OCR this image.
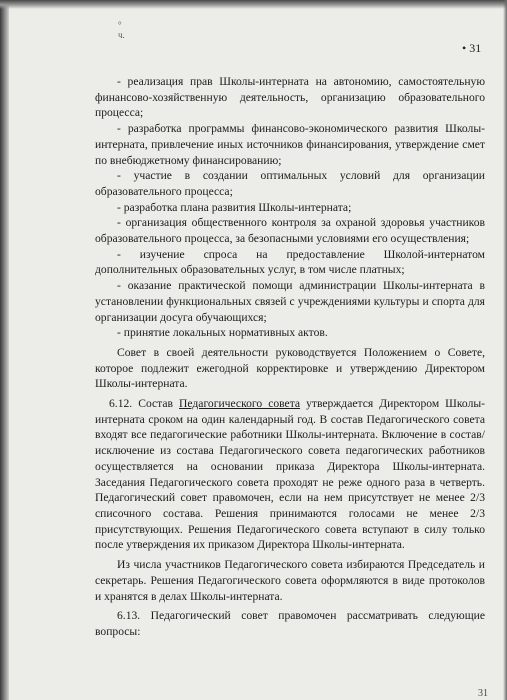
°
ч.
• 31

- реализация прав Школы-интерната на автономию, самостоятельную финансово-хозяйственную деятельность, организацию образовательного процесса;

- разработка программы финансово-экономического развития Школы-интерната, привлечение иных источников финансирования, утверждение смет по внебюджетному финансированию;

- участие в создании оптимальных условий для организации образовательного процесса;

- разработка плана развития Школы-интерната;

- организация общественного контроля за охраной здоровья участников образовательного процесса, за безопасными условиями его осуществления;

- изучение спроса на предоставление Школой-интернатом дополнительных образовательных услуг, в том числе платных;

- оказание практической помощи администрации Школы-интерната в установлении функциональных связей с учреждениями культуры и спорта для организации досуга обучающихся;

- принятие локальных нормативных актов.

Совет в своей деятельности руководствуется Положением о Совете, которое подлежит ежегодной корректировке и утверждению Директором Школы-интерната.

6.12. Состав Педагогического совета утверждается Директором Школы-интерната сроком на один календарный год. В состав Педагогического совета входят все педагогические работники Школы-интерната. Включение в состав/исключение из состава Педагогического совета педагогических работников осуществляется на основании приказа Директора Школы-интерната. Заседания Педагогического совета проходят не реже одного раза в четверть. Педагогический совет правомочен, если на нем присутствует не менее 2/3 списочного состава. Решения принимаются голосами не менее 2/3 присутствующих. Решения Педагогического совета вступают в силу только после утверждения их приказом Директора Школы-интерната.

Из числа участников Педагогического совета избираются Председатель и секретарь. Решения Педагогического совета оформляются в виде протоколов и хранятся в делах Школы-интерната.

6.13. Педагогический совет правомочен рассматривать следующие вопросы:

31
